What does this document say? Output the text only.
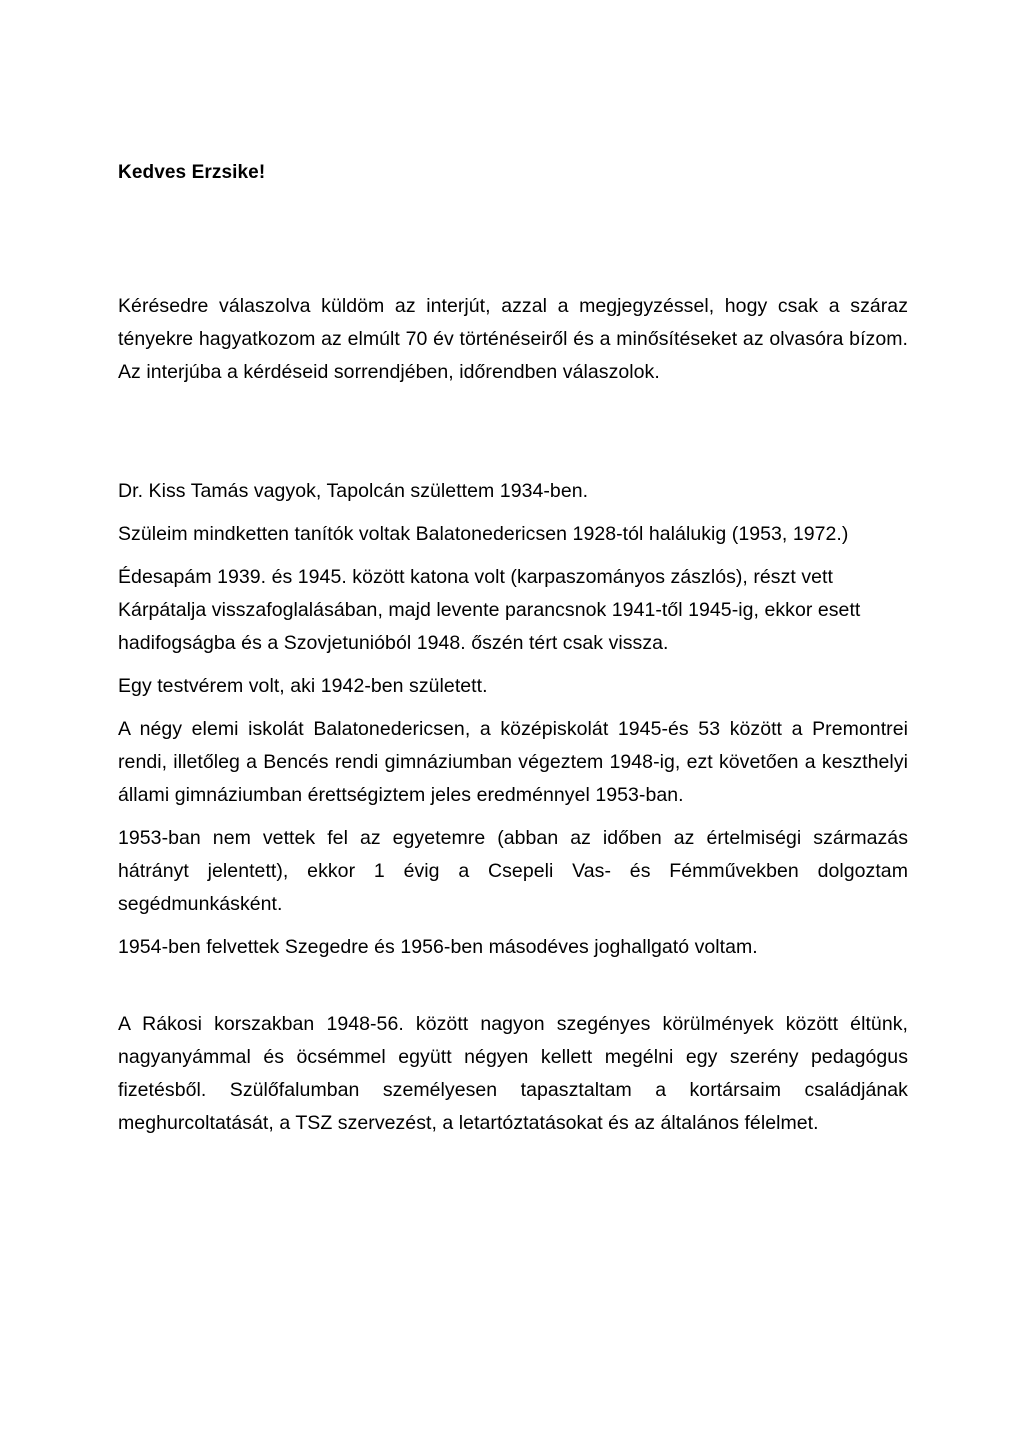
Kedves Erzsike!

Kérésedre válaszolva küldöm az interjút, azzal a megjegyzéssel, hogy csak a száraz tényekre hagyatkozom az elmúlt 70 év történéseiről és a minősítéseket az olvasóra bízom. Az interjúba a kérdéseid sorrendjében, időrendben válaszolok.

Dr. Kiss Tamás vagyok, Tapolcán születtem 1934-ben.

Szüleim mindketten tanítók voltak Balatonedericsen 1928-tól halálukig (1953, 1972.)

Édesapám 1939. és 1945. között katona volt (karpaszományos zászlós), részt vett Kárpátalja visszafoglalásában, majd levente parancsnok 1941-től 1945-ig, ekkor esett hadifogságba és a Szovjetunióból 1948. őszén tért csak vissza.

Egy testvérem volt, aki 1942-ben született.

A négy elemi iskolát Balatonedericsen, a középiskolát 1945-és 53 között a Premontrei rendi, illetőleg a Bencés rendi gimnáziumban végeztem 1948-ig, ezt követően a keszthelyi állami gimnáziumban érettségiztem jeles eredménnyel 1953-ban.

1953-ban nem vettek fel az egyetemre (abban az időben az értelmiségi származás hátrányt jelentett), ekkor 1 évig a Csepeli Vas- és Fémművekben dolgoztam segédmunkásként.

1954-ben felvettek Szegedre és 1956-ben másodéves joghallgató voltam.

A Rákosi korszakban 1948-56. között nagyon szegényes körülmények között éltünk, nagyanyámmal és öcsémmel együtt négyen kellett megélni egy szerény pedagógus fizetésből. Szülőfalumban személyesen tapasztaltam a kortársaim családjának meghurcoltatását, a TSZ szervezést, a letartóztatásokat és az általános félelmet.
